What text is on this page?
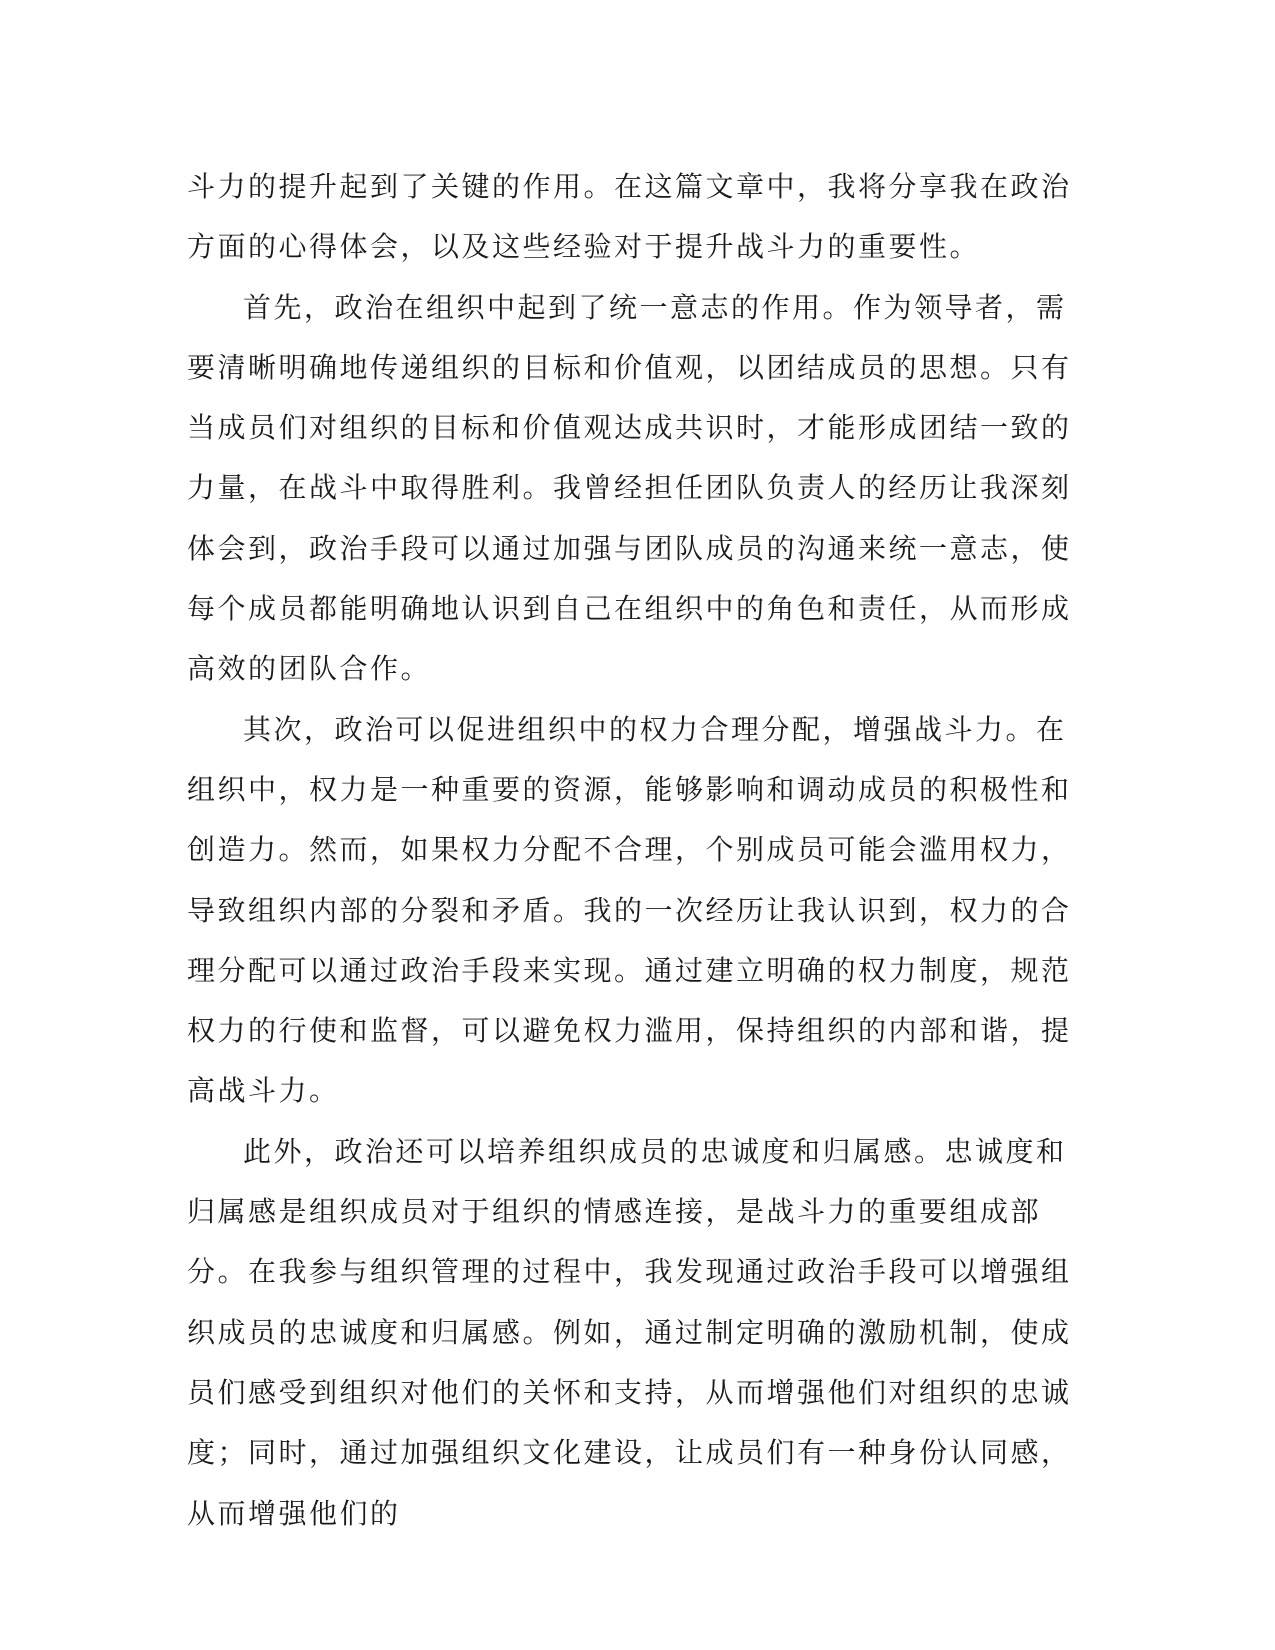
斗力的提升起到了关键的作用。在这篇文章中，我将分享我在政治方面的心得体会，以及这些经验对于提升战斗力的重要性。

首先，政治在组织中起到了统一意志的作用。作为领导者，需要清晰明确地传递组织的目标和价值观，以团结成员的思想。只有当成员们对组织的目标和价值观达成共识时，才能形成团结一致的力量，在战斗中取得胜利。我曾经担任团队负责人的经历让我深刻体会到，政治手段可以通过加强与团队成员的沟通来统一意志，使每个成员都能明确地认识到自己在组织中的角色和责任，从而形成高效的团队合作。

其次，政治可以促进组织中的权力合理分配，增强战斗力。在组织中，权力是一种重要的资源，能够影响和调动成员的积极性和创造力。然而，如果权力分配不合理，个别成员可能会滥用权力，导致组织内部的分裂和矛盾。我的一次经历让我认识到，权力的合理分配可以通过政治手段来实现。通过建立明确的权力制度，规范权力的行使和监督，可以避免权力滥用，保持组织的内部和谐，提高战斗力。

此外，政治还可以培养组织成员的忠诚度和归属感。忠诚度和归属感是组织成员对于组织的情感连接，是战斗力的重要组成部分。在我参与组织管理的过程中，我发现通过政治手段可以增强组织成员的忠诚度和归属感。例如，通过制定明确的激励机制，使成员们感受到组织对他们的关怀和支持，从而增强他们对组织的忠诚度；同时，通过加强组织文化建设，让成员们有一种身份认同感，从而增强他们的
